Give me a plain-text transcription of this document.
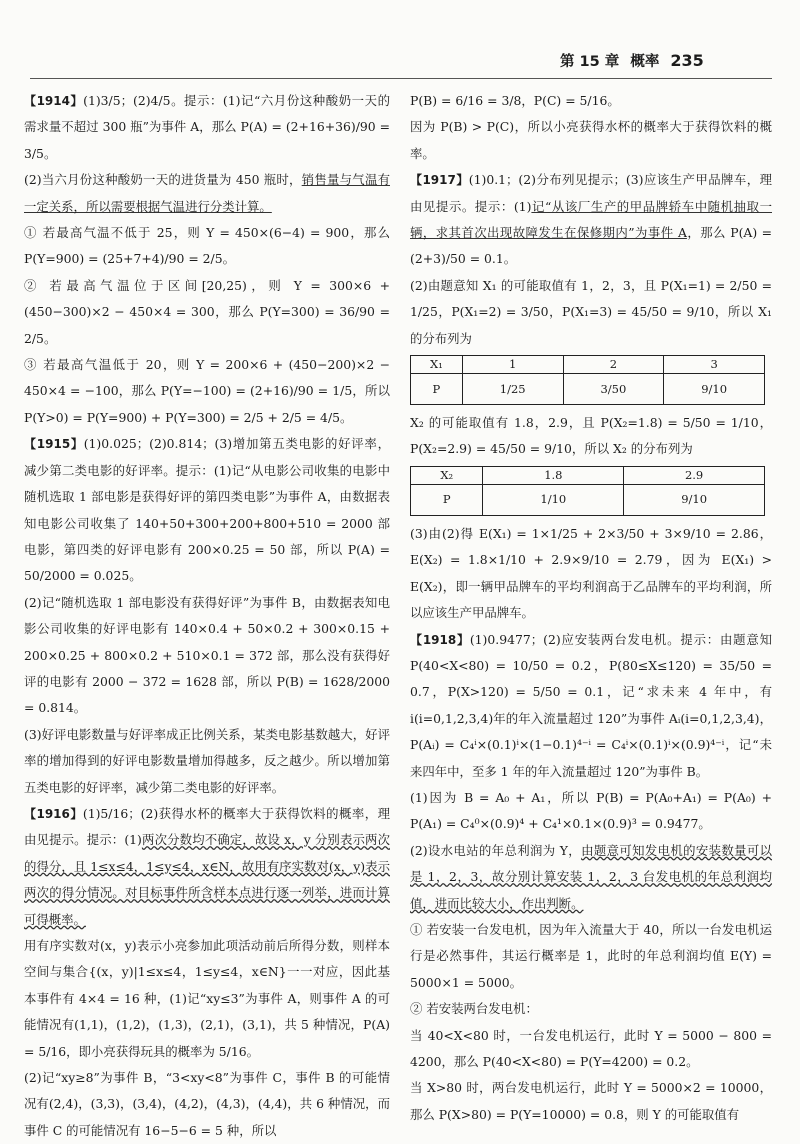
第 15 章 概率 235

【1914】(1)3/5；(2)4/5。提示：(1)记“六月份这种酸奶一天的需求量不超过 300 瓶”为事件 A，那么 P(A) = (2+16+36)/90 = 3/5。

(2)当六月份这种酸奶一天的进货量为 450 瓶时，销售量与气温有一定关系，所以需要根据气温进行分类计算。

① 若最高气温不低于 25，则 Y = 450×(6−4) = 900，那么 P(Y=900) = (25+7+4)/90 = 2/5。

② 若最高气温位于区间[20,25)，则 Y = 300×6 + (450−300)×2 − 450×4 = 300，那么 P(Y=300) = 36/90 = 2/5。

③ 若最高气温低于 20，则 Y = 200×6 + (450−200)×2 − 450×4 = −100，那么 P(Y=−100) = (2+16)/90 = 1/5，所以 P(Y>0) = P(Y=900) + P(Y=300) = 2/5 + 2/5 = 4/5。

【1915】(1)0.025；(2)0.814；(3)增加第五类电影的好评率，减少第二类电影的好评率。提示：(1)记“从电影公司收集的电影中随机选取 1 部电影是获得好评的第四类电影”为事件 A，由数据表知电影公司收集了 140+50+300+200+800+510 = 2000 部电影，第四类的好评电影有 200×0.25 = 50 部，所以 P(A) = 50/2000 = 0.025。

(2)记“随机选取 1 部电影没有获得好评”为事件 B，由数据表知电影公司收集的好评电影有 140×0.4 + 50×0.2 + 300×0.15 + 200×0.25 + 800×0.2 + 510×0.1 = 372 部，那么没有获得好评的电影有 2000 − 372 = 1628 部，所以 P(B) = 1628/2000 = 0.814。

(3)好评电影数量与好评率成正比例关系，某类电影基数越大，好评率的增加得到的好评电影数量增加得越多，反之越少。所以增加第五类电影的好评率，减少第二类电影的好评率。

【1916】(1)5/16；(2)获得水杯的概率大于获得饮料的概率，理由见提示。提示：(1)两次分数均不确定，故设 x，y 分别表示两次的得分，且 1≤x≤4，1≤y≤4，x∈N，故用有序实数对(x，y)表示两次的得分情况。对目标事件所含样本点进行逐一列举，进而计算可得概率。

用有序实数对(x，y)表示小亮参加此项活动前后所得分数，则样本空间与集合{(x，y)|1≤x≤4，1≤y≤4，x∈N}一一对应，因此基本事件有 4×4 = 16 种，(1)记“xy≤3”为事件 A，则事件 A 的可能情况有(1,1)，(1,2)，(1,3)，(2,1)，(3,1)，共 5 种情况，P(A) = 5/16，即小亮获得玩具的概率为 5/16。

(2)记“xy≥8”为事件 B，“3<xy<8”为事件 C，事件 B 的可能情况有(2,4)，(3,3)，(3,4)，(4,2)，(4,3)，(4,4)，共 6 种情况，而事件 C 的可能情况有 16−5−6 = 5 种，所以

P(B) = 6/16 = 3/8，P(C) = 5/16。

因为 P(B) > P(C)，所以小亮获得水杯的概率大于获得饮料的概率。

【1917】(1)0.1；(2)分布列见提示；(3)应该生产甲品牌车，理由见提示。提示：(1)记“从该厂生产的甲品牌轿车中随机抽取一辆，求其首次出现故障发生在保修期内”为事件 A，那么 P(A) = (2+3)/50 = 0.1。

(2)由题意知 X₁ 的可能取值有 1，2，3，且 P(X₁=1) = 2/50 = 1/25，P(X₁=2) = 3/50，P(X₁=3) = 45/50 = 9/10，所以 X₁ 的分布列为

X₁	1	2	3
P	1/25	3/50	9/10

X₂ 的可能取值有 1.8，2.9，且 P(X₂=1.8) = 5/50 = 1/10，P(X₂=2.9) = 45/50 = 9/10，所以 X₂ 的分布列为

X₂	1.8	2.9
P	1/10	9/10

(3)由(2)得 E(X₁) = 1×1/25 + 2×3/50 + 3×9/10 = 2.86，E(X₂) = 1.8×1/10 + 2.9×9/10 = 2.79，因为 E(X₁) > E(X₂)，即一辆甲品牌车的平均利润高于乙品牌车的平均利润，所以应该生产甲品牌车。

【1918】(1)0.9477；(2)应安装两台发电机。提示：由题意知 P(40<X<80) = 10/50 = 0.2，P(80≤X≤120) = 35/50 = 0.7，P(X>120) = 5/50 = 0.1，记“求未来 4 年中，有 i(i=0,1,2,3,4)年的年入流量超过 120”为事件 Aᵢ(i=0,1,2,3,4)，P(Aᵢ) = C₄ⁱ×(0.1)ⁱ×(1−0.1)⁴⁻ⁱ = C₄ⁱ×(0.1)ⁱ×(0.9)⁴⁻ⁱ，记“未来四年中，至多 1 年的年入流量超过 120”为事件 B。

(1)因为 B = A₀ + A₁，所以 P(B) = P(A₀+A₁) = P(A₀) + P(A₁) = C₄⁰×(0.9)⁴ + C₄¹×0.1×(0.9)³ = 0.9477。

(2)设水电站的年总利润为 Y，由题意可知发电机的安装数量可以是 1，2，3，故分别计算安装 1，2，3 台发电机的年总利润均值，进而比较大小，作出判断。

① 若安装一台发电机，因为年入流量大于 40，所以一台发电机运行是必然事件，其运行概率是 1，此时的年总利润均值 E(Y) = 5000×1 = 5000。

② 若安装两台发电机：

当 40<X<80 时，一台发电机运行，此时 Y = 5000 − 800 = 4200，那么 P(40<X<80) = P(Y=4200) = 0.2。

当 X>80 时，两台发电机运行，此时 Y = 5000×2 = 10000，那么 P(X>80) = P(Y=10000) = 0.8，则 Y 的可能取值有
